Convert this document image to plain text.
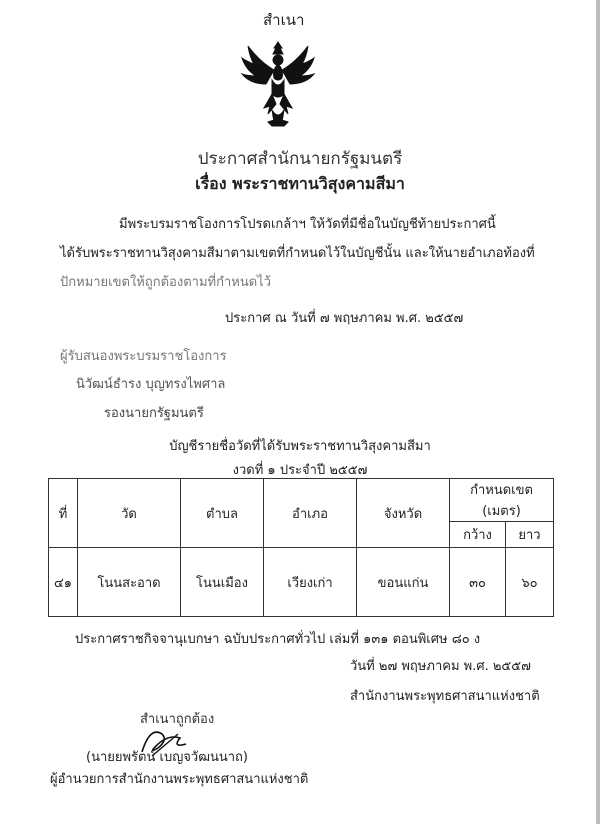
สำเนา
ประกาศสำนักนายกรัฐมนตรี
เรื่อง พระราชทานวิสุงคามสีมา
มีพระบรมราชโองการโปรดเกล้าฯ ให้วัดที่มีชื่อในบัญชีท้ายประกาศนี้
ได้รับพระราชทานวิสุงคามสีมาตามเขตที่กำหนดไว้ในบัญชีนั้น และให้นายอำเภอท้องที่
ปักหมายเขตให้ถูกต้องตามที่กำหนดไว้
ประกาศ ณ วันที่ ๗ พฤษภาคม พ.ศ. ๒๕๕๗
ผู้รับสนองพระบรมราชโองการ
นิวัฒน์ธำรง บุญทรงไพศาล
รองนายกรัฐมนตรี
บัญชีรายชื่อวัดที่ได้รับพระราชทานวิสุงคามสีมา
งวดที่ ๑ ประจำปี ๒๕๕๗
ที่	วัด	ตำบล	อำเภอ	จังหวัด	กำหนดเขต
(เมตร)	

					กว้าง	ยาว
๔๑	โนนสะอาด	โนนเมือง	เวียงเก่า	ขอนแก่น	๓๐	๖๐
ประกาศราชกิจจานุเบกษา ฉบับประกาศทั่วไป เล่มที่ ๑๓๑ ตอนพิเศษ ๘๐ ง
วันที่ ๒๗ พฤษภาคม พ.ศ. ๒๕๕๗
สำนักงานพระพุทธศาสนาแห่งชาติ
สำเนาถูกต้อง
(นายยพรัตน์ เบญจวัฒนนาถ)
ผู้อำนวยการสำนักงานพระพุทธศาสนาแห่งชาติ
